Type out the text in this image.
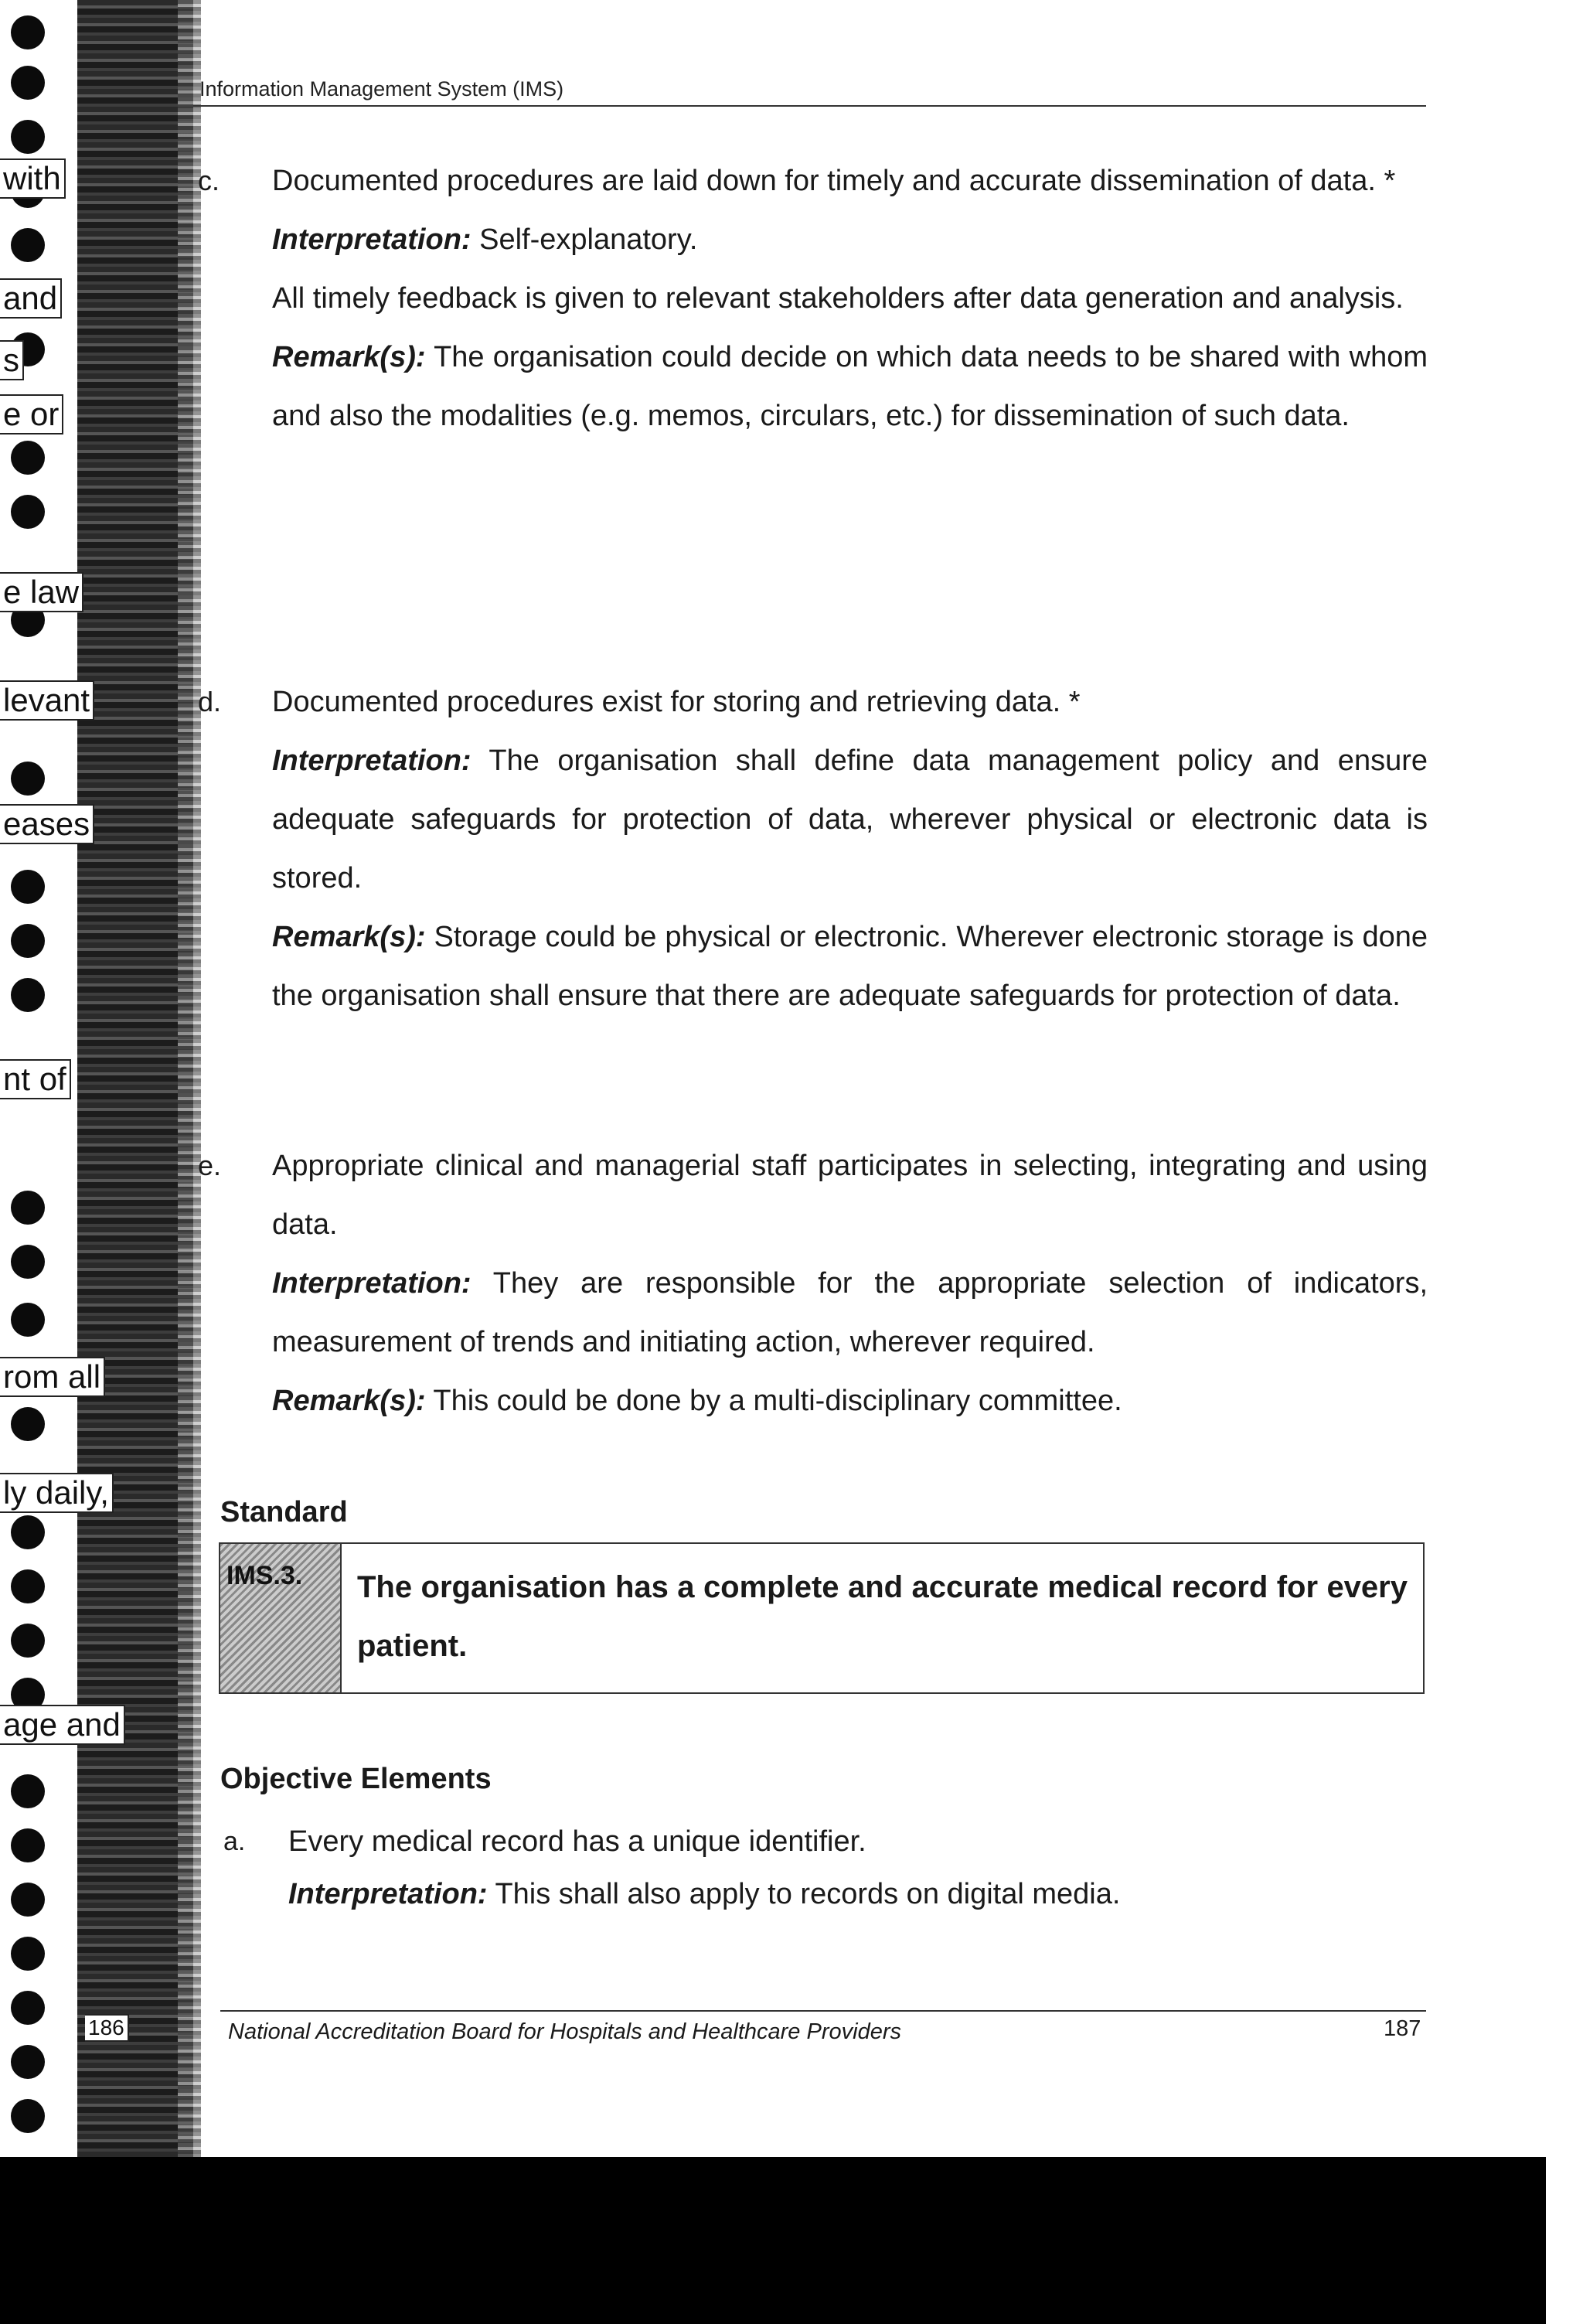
with
and
s
e or
e law
levant
eases
nt of
rom all
ly daily,
age and
186
Information Management System (IMS)
c. Documented procedures are laid down for timely and accurate dissemination of data. *

Interpretation: Self-explanatory.

All timely feedback is given to relevant stakeholders after data generation and analysis.

Remark(s): The organisation could decide on which data needs to be shared with whom and also the modalities (e.g. memos, circulars, etc.) for dissemination of such data.

d. Documented procedures exist for storing and retrieving data. *

Interpretation: The organisation shall define data management policy and ensure adequate safeguards for protection of data, wherever physical or electronic data is stored.

Remark(s): Storage could be physical or electronic. Wherever electronic storage is done the organisation shall ensure that there are adequate safeguards for protection of data.

e. Appropriate clinical and managerial staff participates in selecting, integrating and using data.

Interpretation: They are responsible for the appropriate selection of indicators, measurement of trends and initiating action, wherever required.

Remark(s): This could be done by a multi-disciplinary committee.

Standard
IMS.3.	The organisation has a complete and accurate medical record for every patient.
Objective Elements
a. Every medical record has a unique identifier.
Interpretation: This shall also apply to records on digital media.
National Accreditation Board for Hospitals and Healthcare Providers	187
